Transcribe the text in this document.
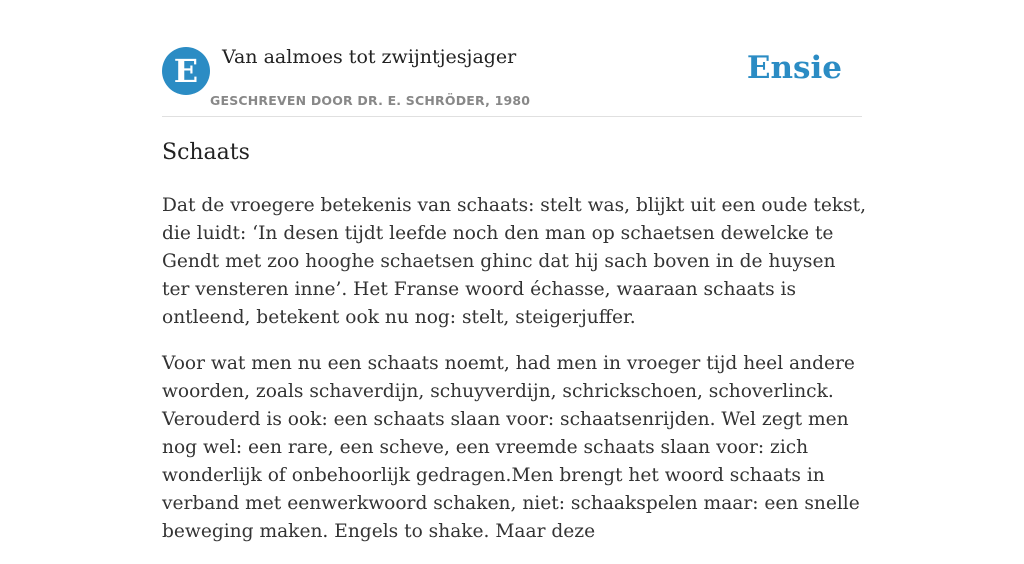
E	Van aalmoes tot zwijntjesjager
GESCHREVEN DOOR DR. E. SCHRÖDER, 1980
Ensie
Schaats

Dat de vroegere betekenis van schaats: stelt was, blijkt uit een oude tekst, die luidt: ‘In desen tijdt leefde noch den man op schaetsen dewelcke te Gendt met zoo hooghe schaetsen ghinc dat hij sach boven in de huysen ter vensteren inne’. Het Franse woord échasse, waaraan schaats is ontleend, betekent ook nu nog: stelt, steigerjuffer.

Voor wat men nu een schaats noemt, had men in vroeger tijd heel andere woorden, zoals schaverdijn, schuyverdijn, schrickschoen, schoverlinck. Verouderd is ook: een schaats slaan voor: schaatsenrijden. Wel zegt men nog wel: een rare, een scheve, een vreemde schaats slaan voor: zich wonderlijk of onbehoorlijk gedragen.Men brengt het woord schaats in verband met eenwerkwoord schaken, niet: schaakspelen maar: een snelle beweging maken. Engels to shake. Maar deze
